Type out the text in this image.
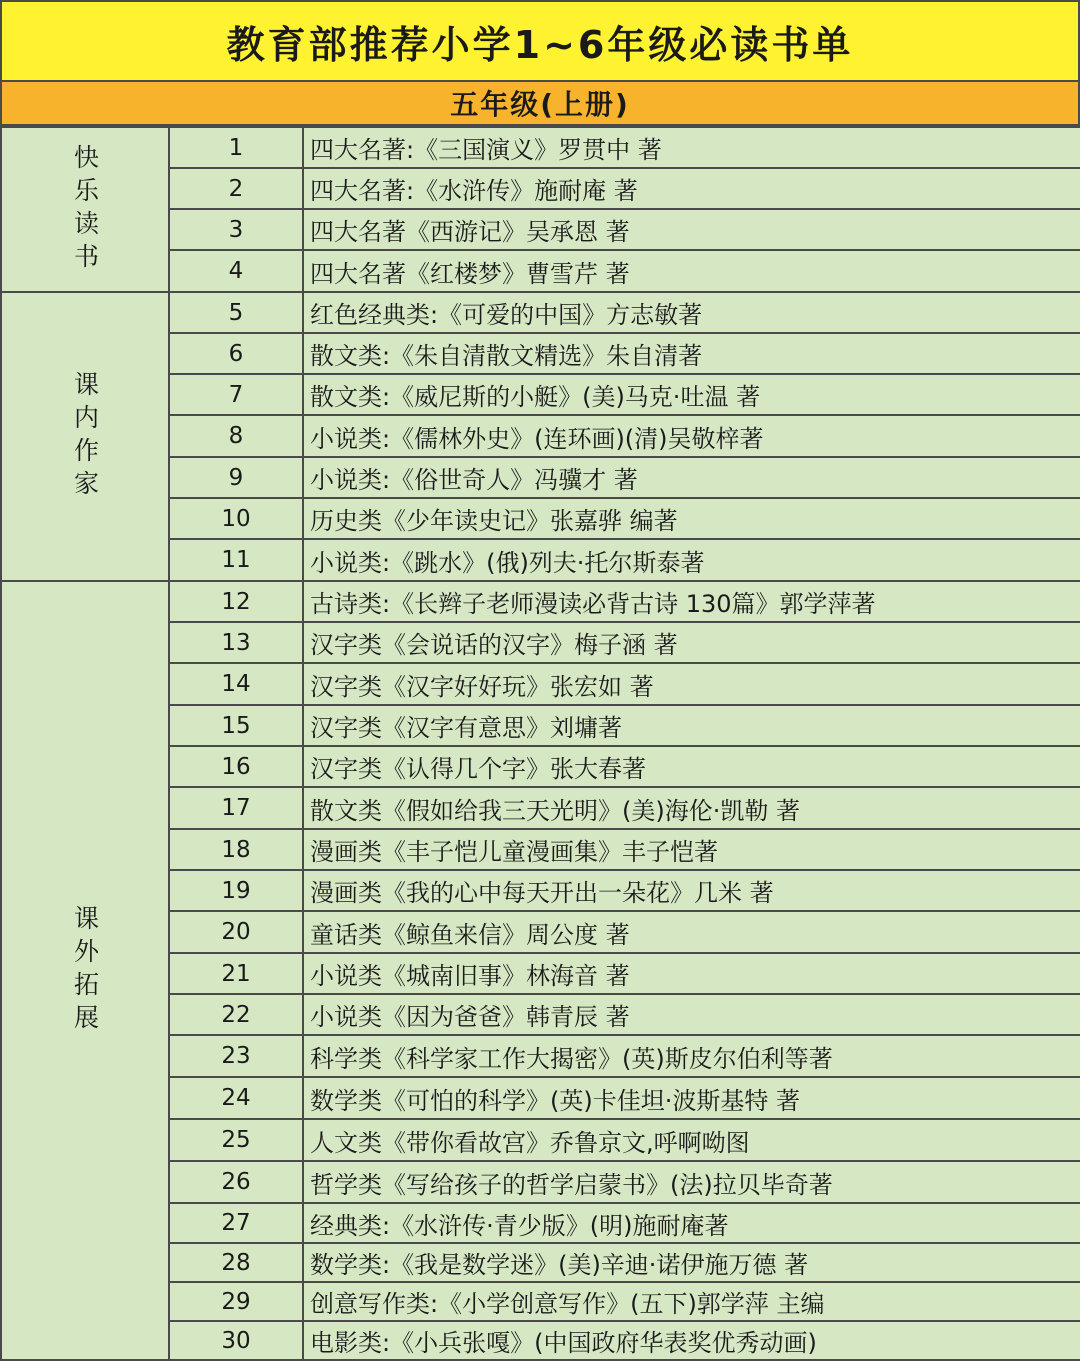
教育部推荐小学1~6年级必读书单
五年级(上册)
快乐读书	1	四大名著:《三国演义》罗贯中 著
	2	四大名著:《水浒传》施耐庵 著
	3	四大名著《西游记》吴承恩 著
	4	四大名著《红楼梦》曹雪芹 著

课内作家	5	红色经典类:《可爱的中国》方志敏著
	6	散文类:《朱自清散文精选》朱自清著
	7	散文类:《威尼斯的小艇》(美)马克·吐温 著
	8	小说类:《儒林外史》(连环画)(清)吴敬梓著
	9	小说类:《俗世奇人》冯骥才 著
	10	历史类《少年读史记》张嘉骅 编著
	11	小说类:《跳水》(俄)列夫·托尔斯泰著

课外拓展	12	古诗类:《长辫子老师漫读必背古诗 130篇》郭学萍著
	13	汉字类《会说话的汉字》梅子涵 著
	14	汉字类《汉字好好玩》张宏如 著
	15	汉字类《汉字有意思》刘墉著
	16	汉字类《认得几个字》张大春著
	17	散文类《假如给我三天光明》(美)海伦·凯勒 著
	18	漫画类《丰子恺儿童漫画集》丰子恺著
	19	漫画类《我的心中每天开出一朵花》几米 著
	20	童话类《鲸鱼来信》周公度 著
	21	小说类《城南旧事》林海音 著
	22	小说类《因为爸爸》韩青辰 著
	23	科学类《科学家工作大揭密》(英)斯皮尔伯利等著
	24	数学类《可怕的科学》(英)卡佳坦·波斯基特 著
	25	人文类《带你看故宫》乔鲁京文,呼啊呦图
	26	哲学类《写给孩子的哲学启蒙书》(法)拉贝毕奇著
	27	经典类:《水浒传·青少版》(明)施耐庵著
	28	数学类:《我是数学迷》(美)辛迪·诺伊施万德 著
	29	创意写作类:《小学创意写作》(五下)郭学萍 主编
	30	电影类:《小兵张嘎》(中国政府华表奖优秀动画)
